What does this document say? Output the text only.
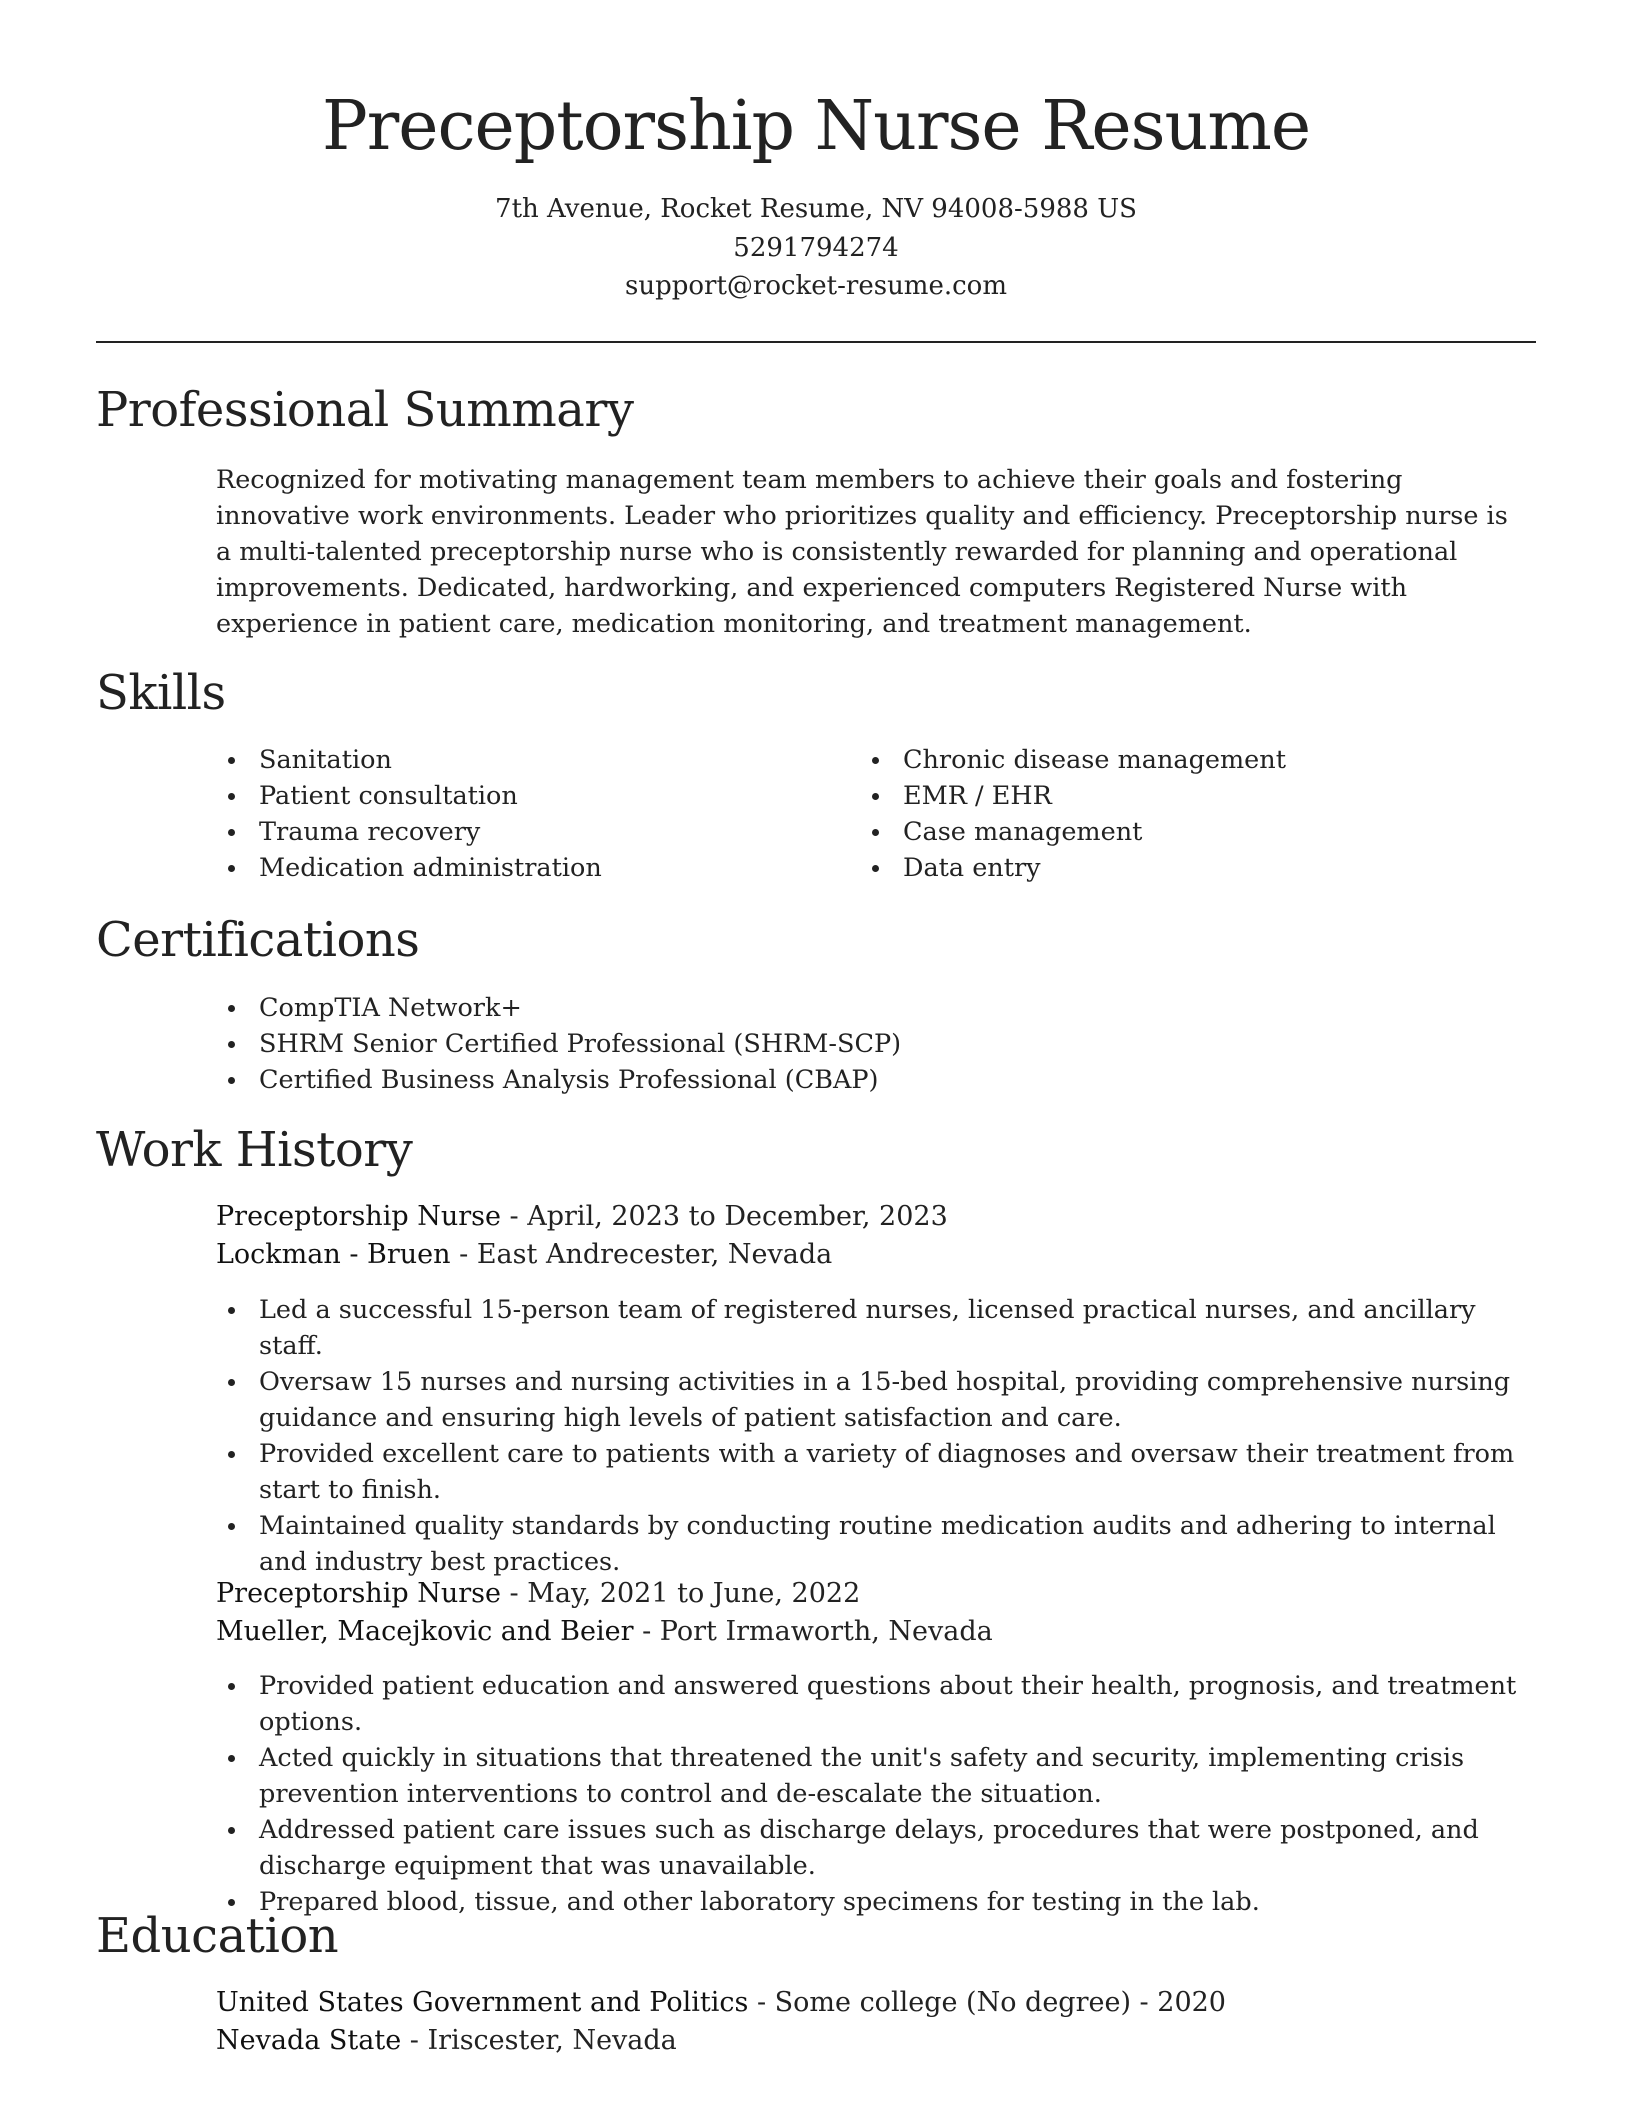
Preceptorship Nurse Resume
7th Avenue, Rocket Resume, NV 94008-5988 US
5291794274
support@rocket-resume.com
Professional Summary

Recognized for motivating management team members to achieve their goals and fostering innovative work environments. Leader who prioritizes quality and efficiency. Preceptorship nurse is a multi-talented preceptorship nurse who is consistently rewarded for planning and operational improvements. Dedicated, hardworking, and experienced computers Registered Nurse with experience in patient care, medication monitoring, and treatment management.

Skills
Sanitation
Patient consultation
Trauma recovery
Medication administration
Chronic disease management
EMR / EHR
Case management
Data entry
Certifications
CompTIA Network+
SHRM Senior Certified Professional (SHRM-SCP)
Certified Business Analysis Professional (CBAP)
Work History
Preceptorship Nurse - April, 2023 to December, 2023
Lockman - Bruen - East Andrecester, Nevada
Led a successful 15-person team of registered nurses, licensed practical nurses, and ancillary staff.
Oversaw 15 nurses and nursing activities in a 15-bed hospital, providing comprehensive nursing guidance and ensuring high levels of patient satisfaction and care.
Provided excellent care to patients with a variety of diagnoses and oversaw their treatment from start to finish.
Maintained quality standards by conducting routine medication audits and adhering to internal and industry best practices.
Preceptorship Nurse - May, 2021 to June, 2022
Mueller, Macejkovic and Beier - Port Irmaworth, Nevada
Provided patient education and answered questions about their health, prognosis, and treatment options.
Acted quickly in situations that threatened the unit's safety and security, implementing crisis prevention interventions to control and de-escalate the situation.
Addressed patient care issues such as discharge delays, procedures that were postponed, and discharge equipment that was unavailable.
Prepared blood, tissue, and other laboratory specimens for testing in the lab.
Education
United States Government and Politics - Some college (No degree) - 2020
Nevada State - Iriscester, Nevada
